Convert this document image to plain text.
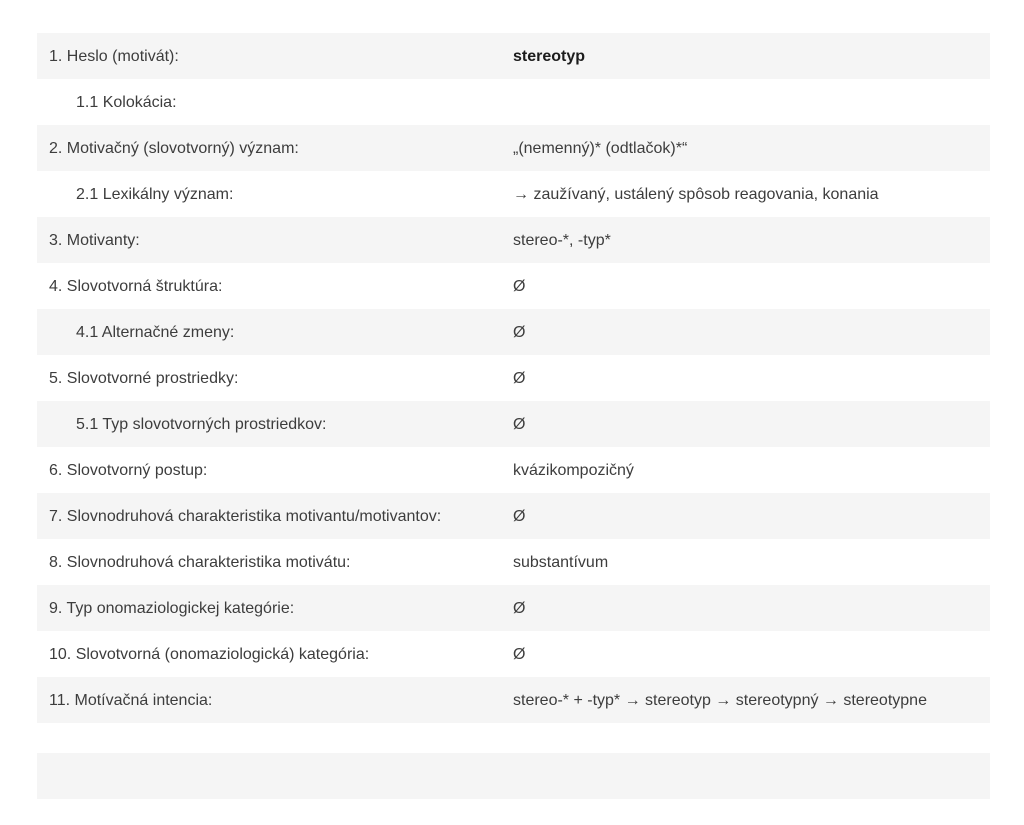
1. Heslo (motivát):	stereotyp
1.1 Kolokácia:
2. Motivačný (slovotvorný) význam:	„(nemenný)* (odtlačok)*“
2.1 Lexikálny význam:	→ zaužívaný, ustálený spôsob reagovania, konania
3. Motivanty:	stereo-*, -typ*
4. Slovotvorná štruktúra:	Ø
4.1 Alternačné zmeny:	Ø
5. Slovotvorné prostriedky:	Ø
5.1 Typ slovotvorných prostriedkov:	Ø
6. Slovotvorný postup:	kvázikompozičný
7. Slovnodruhová charakteristika motivantu/motivantov:	Ø
8. Slovnodruhová charakteristika motivátu:	substantívum
9. Typ onomaziologickej kategórie:	Ø
10. Slovotvorná (onomaziologická) kategória:	Ø
11. Motívačná intencia:	stereo-* + -typ* → stereotyp → stereotypný → stereotypne
